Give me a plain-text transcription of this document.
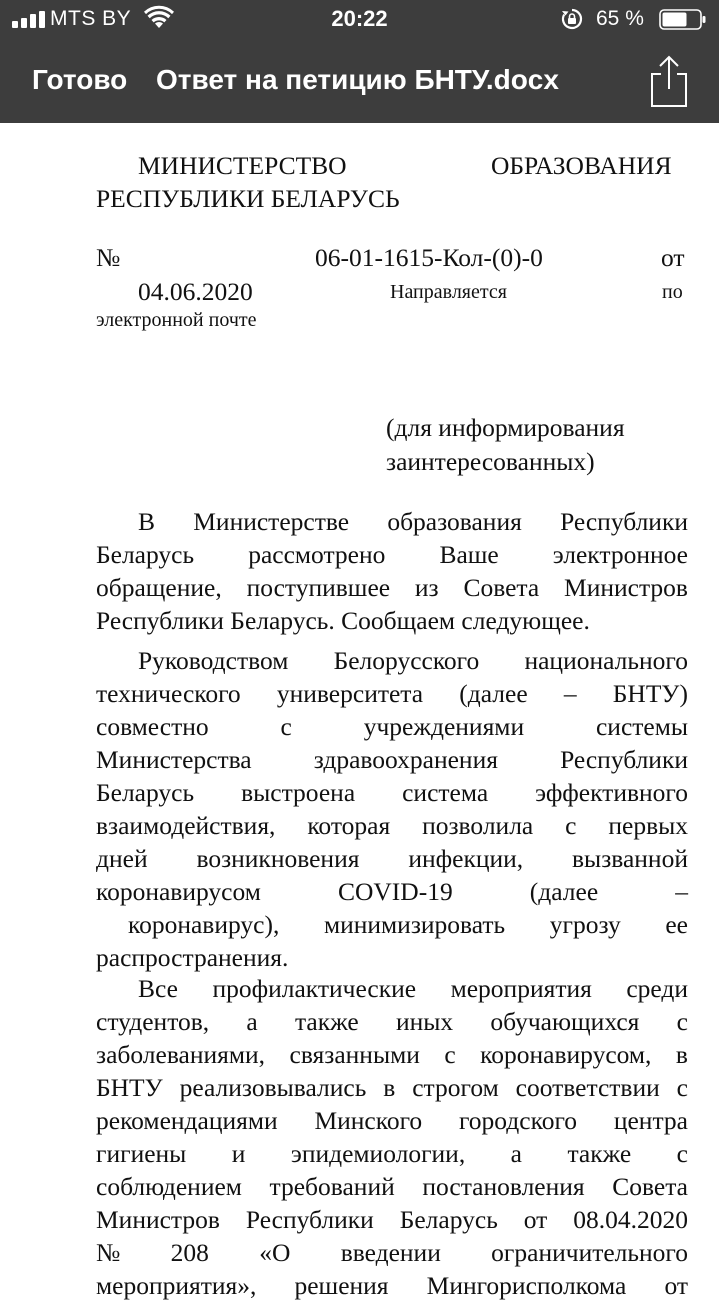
MTS BY	20:22	65 %
Готово Ответ на петицию БНТУ.docx
МИНИСТЕРСТВО	ОБРАЗОВАНИЯ
РЕСПУБЛИКИ БЕЛАРУСЬ
№	06-01-1615-Кол-(0)-0	от
04.06.2020	Направляется	по
электронной почте
(для информирования
заинтересованных)
В Министерстве образования Республики
Беларусь рассмотрено Ваше электронное
обращение, поступившее из Совета Министров
Республики Беларусь. Сообщаем следующее.
Руководством Белорусского национального
технического университета (далее – БНТУ)
совместно	с	учреждениями	системы
Министерства здравоохранения Республики
Беларусь выстроена система эффективного
взаимодействия, которая позволила с первых
дней возникновения инфекции, вызванной
коронавирусом	COVID-19	(далее	–
коронавирус), минимизировать угрозу ее
распространения.
Все профилактические мероприятия среди
студентов, а также иных обучающихся с
заболеваниями, связанными с коронавирусом, в
БНТУ реализовывались в строгом соответствии с
рекомендациями Минского городского центра
гигиены и эпидемиологии, а также с
соблюдением требований постановления Совета
Министров Республики Беларусь от 08.04.2020
№ 208 «О введении ограничительного
мероприятия», решения Мингорисполкома от
